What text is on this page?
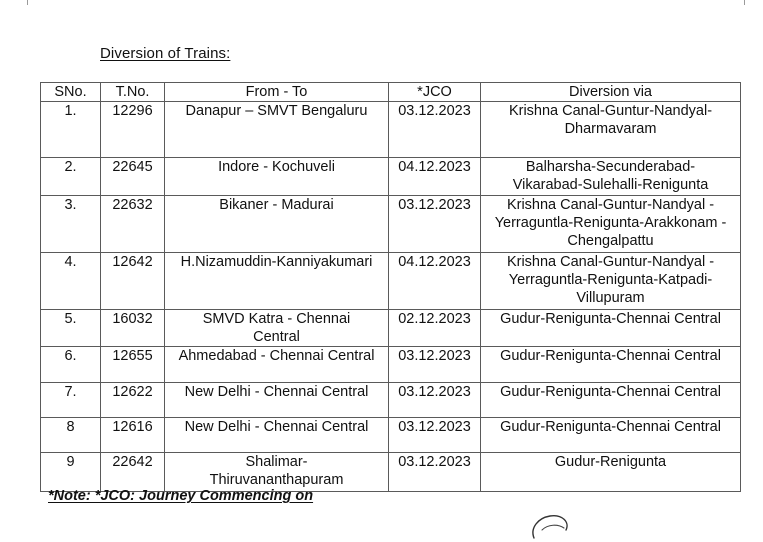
Diversion of Trains:
SNo.	T.No.	From - To	*JCO	Diversion via
1.	12296	Danapur – SMVT Bengaluru	03.12.2023	Krishna Canal-Guntur-Nandyal-Dharmavaram
2.	22645	Indore - Kochuveli	04.12.2023	Balharsha-Secunderabad-Vikarabad-Sulehalli-Renigunta
3.	22632	Bikaner - Madurai	03.12.2023	Krishna Canal-Guntur-Nandyal -Yerraguntla-Renigunta-Arakkonam -Chengalpattu
4.	12642	H.Nizamuddin-Kanniyakumari	04.12.2023	Krishna Canal-Guntur-Nandyal -Yerraguntla-Renigunta-Katpadi-Villupuram
5.	16032	SMVD Katra - Chennai Central	02.12.2023	Gudur-Renigunta-Chennai Central
6.	12655	Ahmedabad - Chennai Central	03.12.2023	Gudur-Renigunta-Chennai Central
7.	12622	New Delhi - Chennai Central	03.12.2023	Gudur-Renigunta-Chennai Central
8	12616	New Delhi - Chennai Central	03.12.2023	Gudur-Renigunta-Chennai Central
9	22642	Shalimar-Thiruvananthapuram	03.12.2023	Gudur-Renigunta
*Note: *JCO: Journey Commencing on
